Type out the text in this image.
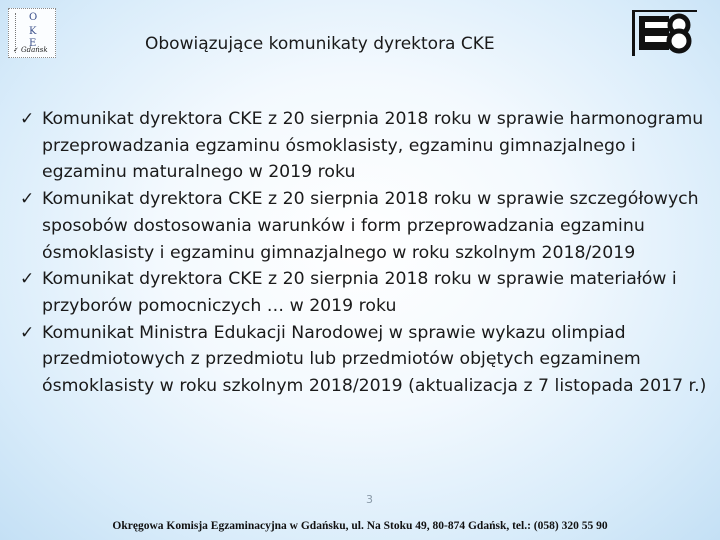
O
K
E
✓ Gdańsk	Obowiązujące komunikaty dyrektora CKE
✓ Komunikat dyrektora CKE z 20 sierpnia 2018 roku w sprawie harmonogramu przeprowadzania egzaminu ósmoklasisty, egzaminu gimnazjalnego i egzaminu maturalnego w 2019 roku
✓ Komunikat dyrektora CKE z 20 sierpnia 2018 roku w sprawie szczegółowych sposobów dostosowania warunków i form przeprowadzania egzaminu ósmoklasisty i egzaminu gimnazjalnego w roku szkolnym 2018/2019
✓ Komunikat dyrektora CKE z 20 sierpnia 2018 roku w sprawie materiałów i przyborów pomocniczych … w 2019 roku
✓ Komunikat Ministra Edukacji Narodowej w sprawie wykazu olimpiad przedmiotowych z przedmiotu lub przedmiotów objętych egzaminem ósmoklasisty w roku szkolnym 2018/2019 (aktualizacja z 7 listopada 2017 r.)
3
Okręgowa Komisja Egzaminacyjna w Gdańsku, ul. Na Stoku 49, 80-874 Gdańsk, tel.: (058) 320 55 90
